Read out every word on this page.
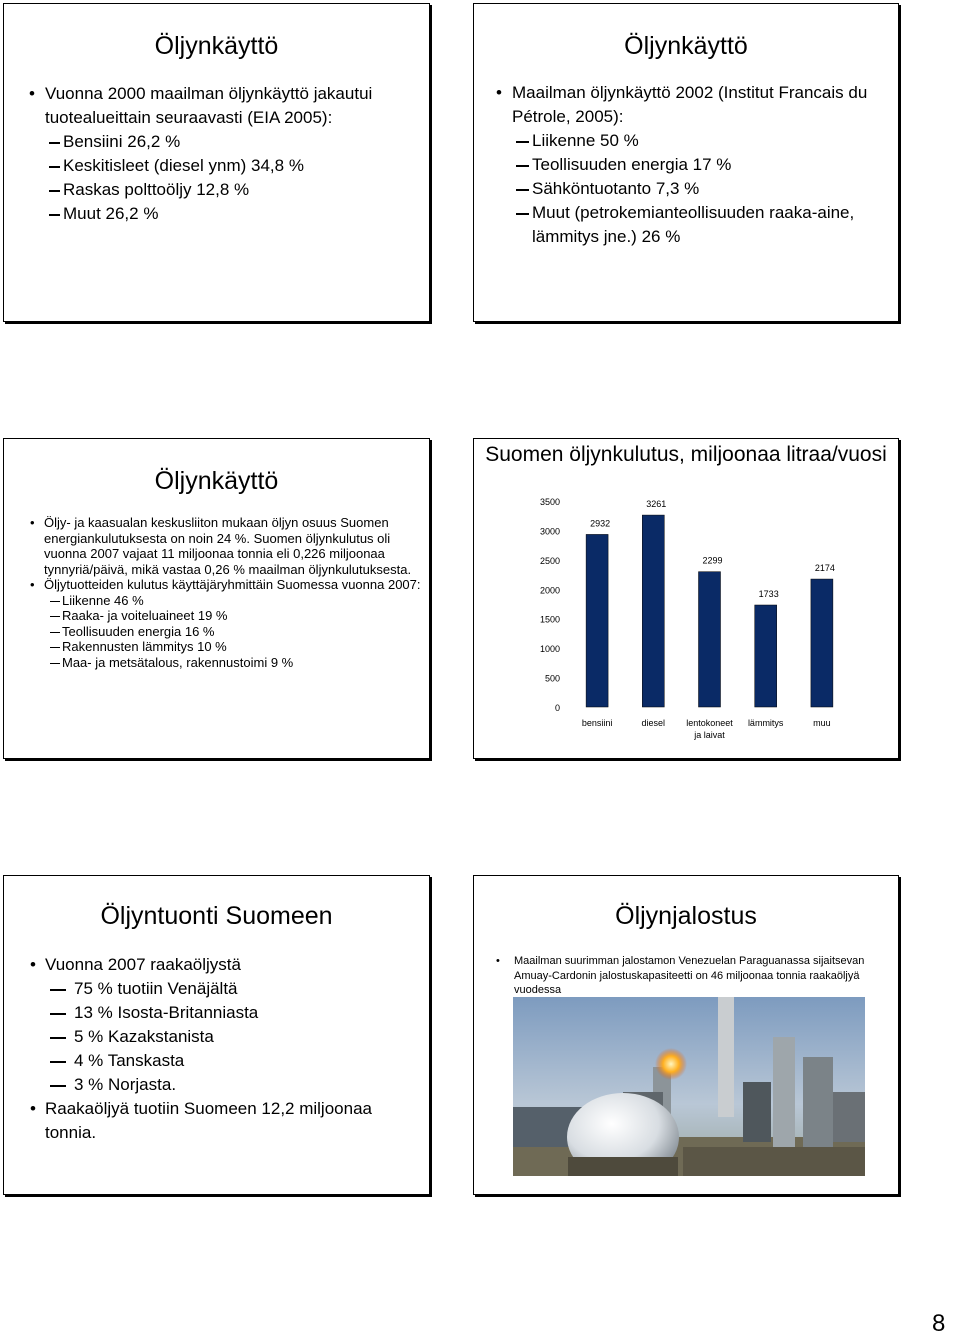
Öljynkäyttö
• Vuonna 2000 maailman öljynkäyttö jakautui tuotealueittain seuraavasti (EIA 2005):
Bensiini 26,2 %
Keskitisleet (diesel ynm) 34,8 %
Raskas polttoöljy 12,8 %
Muut 26,2 %
Öljynkäyttö
• Maailman öljynkäyttö 2002 (Institut Francais du Pétrole, 2005):
Liikenne 50 %
Teollisuuden energia 17 %
Sähköntuotanto 7,3 %
Muut (petrokemianteollisuuden raaka-aine, lämmitys jne.) 26 %
Öljynkäyttö
• Öljy- ja kaasualan keskusliiton mukaan öljyn osuus Suomen energiankulutuksesta on noin 24 %. Suomen öljynkulutus oli vuonna 2007 vajaat 11 miljoonaa tonnia eli 0,226 miljoonaa tynnyriä/päivä, mikä vastaa 0,26 % maailman öljynkulutuksesta.
• Öljytuotteiden kulutus käyttäjäryhmittäin Suomessa vuonna 2007:
Liikenne 46 %
Raaka- ja voiteluaineet 19 %
Teollisuuden energia 16 %
Rakennusten lämmitys 10 %
Maa- ja metsätalous, rakennustoimi 9 %
Suomen öljynkulutus, miljoonaa litraa/vuosi
0
500
1000
1500
2000
2500
3000
3500
2932
bensiini
3261
diesel
2299
lentokoneet
ja laivat
1733
lämmitys
2174
muu
Öljyntuonti Suomeen
• Vuonna 2007 raakaöljystä
75 % tuotiin Venäjältä
13 % Isosta-Britanniasta
5 % Kazakstanista
4 % Tanskasta
3 % Norjasta.
• Raakaöljyä tuotiin Suomeen 12,2 miljoonaa tonnia.
Öljynjalostus
• Maailman suurimman jalostamon Venezuelan Paraguanassa sijaitsevan Amuay-Cardonin jalostuskapasiteetti on 46 miljoonaa tonnia raakaöljyä vuodessa
8
